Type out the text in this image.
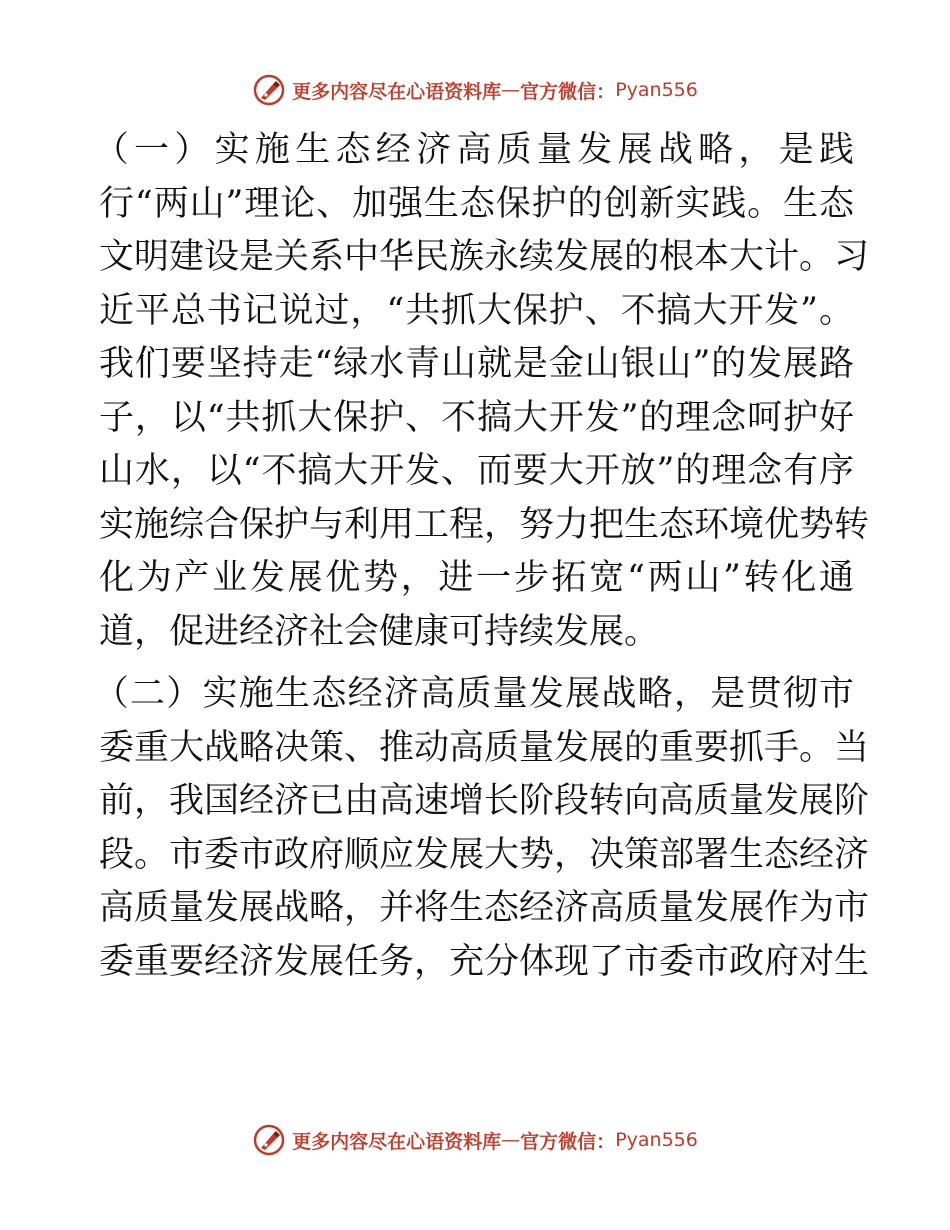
更多内容尽在心语资料库 — 官方微信： Pyan556
（一）实施生态经济高质量发展战略，是践
行“两山”理论、加强生态保护的创新实践。生态
文明建设是关系中华民族永续发展的根本大计。习
近平总书记说过，“共抓大保护、不搞大开发”。
我们要坚持走“绿水青山就是金山银山”的发展路
子，以“共抓大保护、不搞大开发”的理念呵护好
山水，以“不搞大开发、而要大开放”的理念有序
实施综合保护与利用工程，努力把生态环境优势转
化为产业发展优势，进一步拓宽“两山”转化通
道，促进经济社会健康可持续发展。
（二）实施生态经济高质量发展战略，是贯彻市
委重大战略决策、推动高质量发展的重要抓手。当
前，我国经济已由高速增长阶段转向高质量发展阶
段。市委市政府顺应发展大势，决策部署生态经济
高质量发展战略，并将生态经济高质量发展作为市
委重要经济发展任务，充分体现了市委市政府对生
更多内容尽在心语资料库 — 官方微信： Pyan556
